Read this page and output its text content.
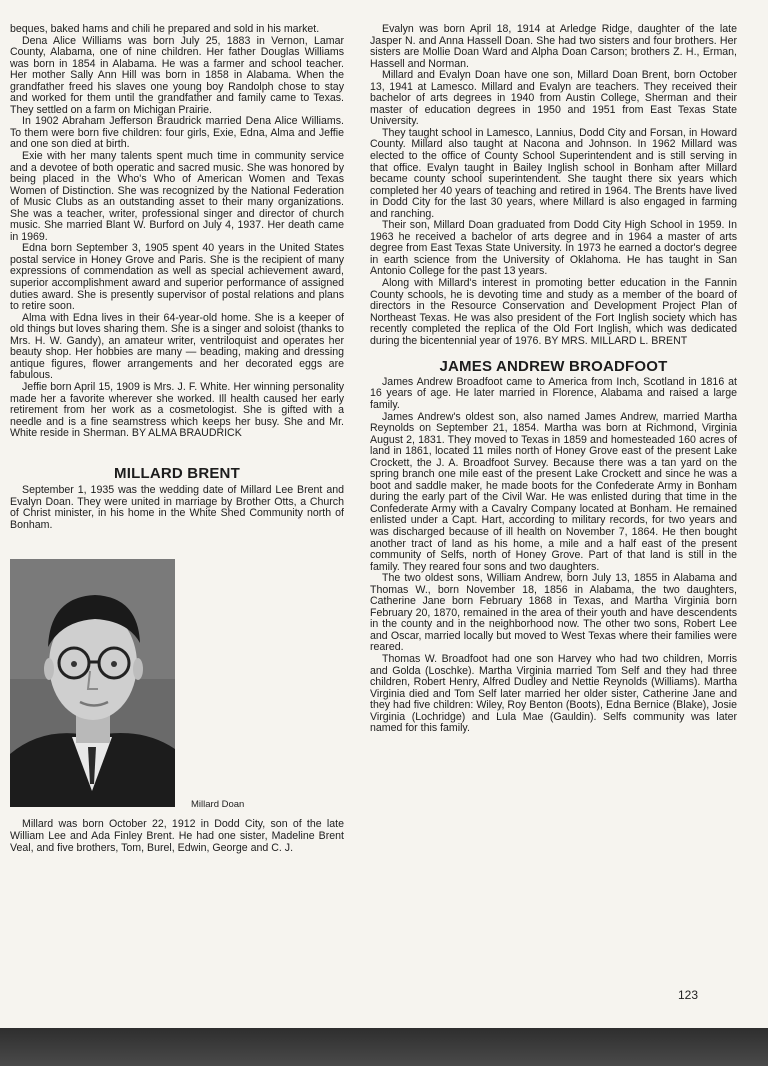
beques, baked hams and chili he prepared and sold in his market.

Dena Alice Williams was born July 25, 1883 in Vernon, Lamar County, Alabama, one of nine children. Her father Douglas Williams was born in 1854 in Alabama. He was a farmer and school teacher. Her mother Sally Ann Hill was born in 1858 in Alabama. When the grandfather freed his slaves one young boy Randolph chose to stay and worked for them until the grandfather and family came to Texas. They settled on a farm on Michigan Prairie.

In 1902 Abraham Jefferson Braudrick married Dena Alice Williams. To them were born five children: four girls, Exie, Edna, Alma and Jeffie and one son died at birth.

Exie with her many talents spent much time in community service and a devotee of both operatic and sacred music. She was honored by being placed in the Who's Who of American Women and Texas Women of Distinction. She was recognized by the National Federation of Music Clubs as an outstanding asset to their many organizations. She was a teacher, writer, professional singer and director of church music. She married Blant W. Burford on July 4, 1937. Her death came in 1969.

Edna born September 3, 1905 spent 40 years in the United States postal service in Honey Grove and Paris. She is the recipient of many expressions of commendation as well as special achievement award, superior accomplishment award and superior performance of assigned duties award. She is presently supervisor of postal relations and plans to retire soon.

Alma with Edna lives in their 64-year-old home. She is a keeper of old things but loves sharing them. She is a singer and soloist (thanks to Mrs. H. W. Gandy), an amateur writer, ventriloquist and operates her beauty shop. Her hobbies are many — beading, making and dressing antique figures, flower arrangements and her decorated eggs are fabulous.

Jeffie born April 15, 1909 is Mrs. J. F. White. Her winning personality made her a favorite wherever she worked. Ill health caused her early retirement from her work as a cosmetologist. She is gifted with a needle and is a fine seamstress which keeps her busy. She and Mr. White reside in Sherman. BY ALMA BRAUDRICK

MILLARD BRENT

September 1, 1935 was the wedding date of Millard Lee Brent and Evalyn Doan. They were united in marriage by Brother Otts, a Church of Christ minister, in his home in the White Shed Community north of Bonham.

Millard Doan

Millard was born October 22, 1912 in Dodd City, son of the late William Lee and Ada Finley Brent. He had one sister, Madeline Brent Veal, and five brothers, Tom, Burel, Edwin, George and C. J.

Evalyn was born April 18, 1914 at Arledge Ridge, daughter of the late Jasper N. and Anna Hassell Doan. She had two sisters and four brothers. Her sisters are Mollie Doan Ward and Alpha Doan Carson; brothers Z. H., Erman, Hassell and Norman.

Millard and Evalyn Doan have one son, Millard Doan Brent, born October 13, 1941 at Lamesco. Millard and Evalyn are teachers. They received their bachelor of arts degrees in 1940 from Austin College, Sherman and their master of education degrees in 1950 and 1951 from East Texas State University.

They taught school in Lamesco, Lannius, Dodd City and Forsan, in Howard County. Millard also taught at Nacona and Johnson. In 1962 Millard was elected to the office of County School Superintendent and is still serving in that office. Evalyn taught in Bailey Inglish school in Bonham after Millard became county school superintendent. She taught there six years which completed her 40 years of teaching and retired in 1964. The Brents have lived in Dodd City for the last 30 years, where Millard is also engaged in farming and ranching.

Their son, Millard Doan graduated from Dodd City High School in 1959. In 1963 he received a bachelor of arts degree and in 1964 a master of arts degree from East Texas State University. In 1973 he earned a doctor's degree in earth science from the University of Oklahoma. He has taught in San Antonio College for the past 13 years.

Along with Millard's interest in promoting better education in the Fannin County schools, he is devoting time and study as a member of the board of directors in the Resource Conservation and Development Project Plan of Northeast Texas. He was also president of the Fort Inglish society which has recently completed the replica of the Old Fort Inglish, which was dedicated during the bicentennial year of 1976. BY MRS. MILLARD L. BRENT

JAMES ANDREW BROADFOOT

James Andrew Broadfoot came to America from Inch, Scotland in 1816 at 16 years of age. He later married in Florence, Alabama and raised a large family.

James Andrew's oldest son, also named James Andrew, married Martha Reynolds on September 21, 1854. Martha was born at Richmond, Virginia August 2, 1831. They moved to Texas in 1859 and homesteaded 160 acres of land in 1861, located 11 miles north of Honey Grove east of the present Lake Crockett, the J. A. Broadfoot Survey. Because there was a tan yard on the spring branch one mile east of the present Lake Crockett and since he was a boot and saddle maker, he made boots for the Confederate Army in Bonham during the early part of the Civil War. He was enlisted during that time in the Confederate Army with a Cavalry Company located at Bonham. He remained enlisted under a Capt. Hart, according to military records, for two years and was discharged because of ill health on November 7, 1864. He then bought another tract of land as his home, a mile and a half east of the present community of Selfs, north of Honey Grove. Part of that land is still in the family. They reared four sons and two daughters.

The two oldest sons, William Andrew, born July 13, 1855 in Alabama and Thomas W., born November 18, 1856 in Alabama, the two daughters, Catherine Jane born February 1868 in Texas, and Martha Virginia born February 20, 1870, remained in the area of their youth and have descendents in the county and in the neighborhood now. The other two sons, Robert Lee and Oscar, married locally but moved to West Texas where their families were reared.

Thomas W. Broadfoot had one son Harvey who had two children, Morris and Golda (Loschke). Martha Virginia married Tom Self and they had three children, Robert Henry, Alfred Dudley and Nettie Reynolds (Williams). Martha Virginia died and Tom Self later married her older sister, Catherine Jane and they had five children: Wiley, Roy Benton (Boots), Edna Bernice (Blake), Josie Virginia (Lochridge) and Lula Mae (Gauldin). Selfs community was later named for this family.

123
